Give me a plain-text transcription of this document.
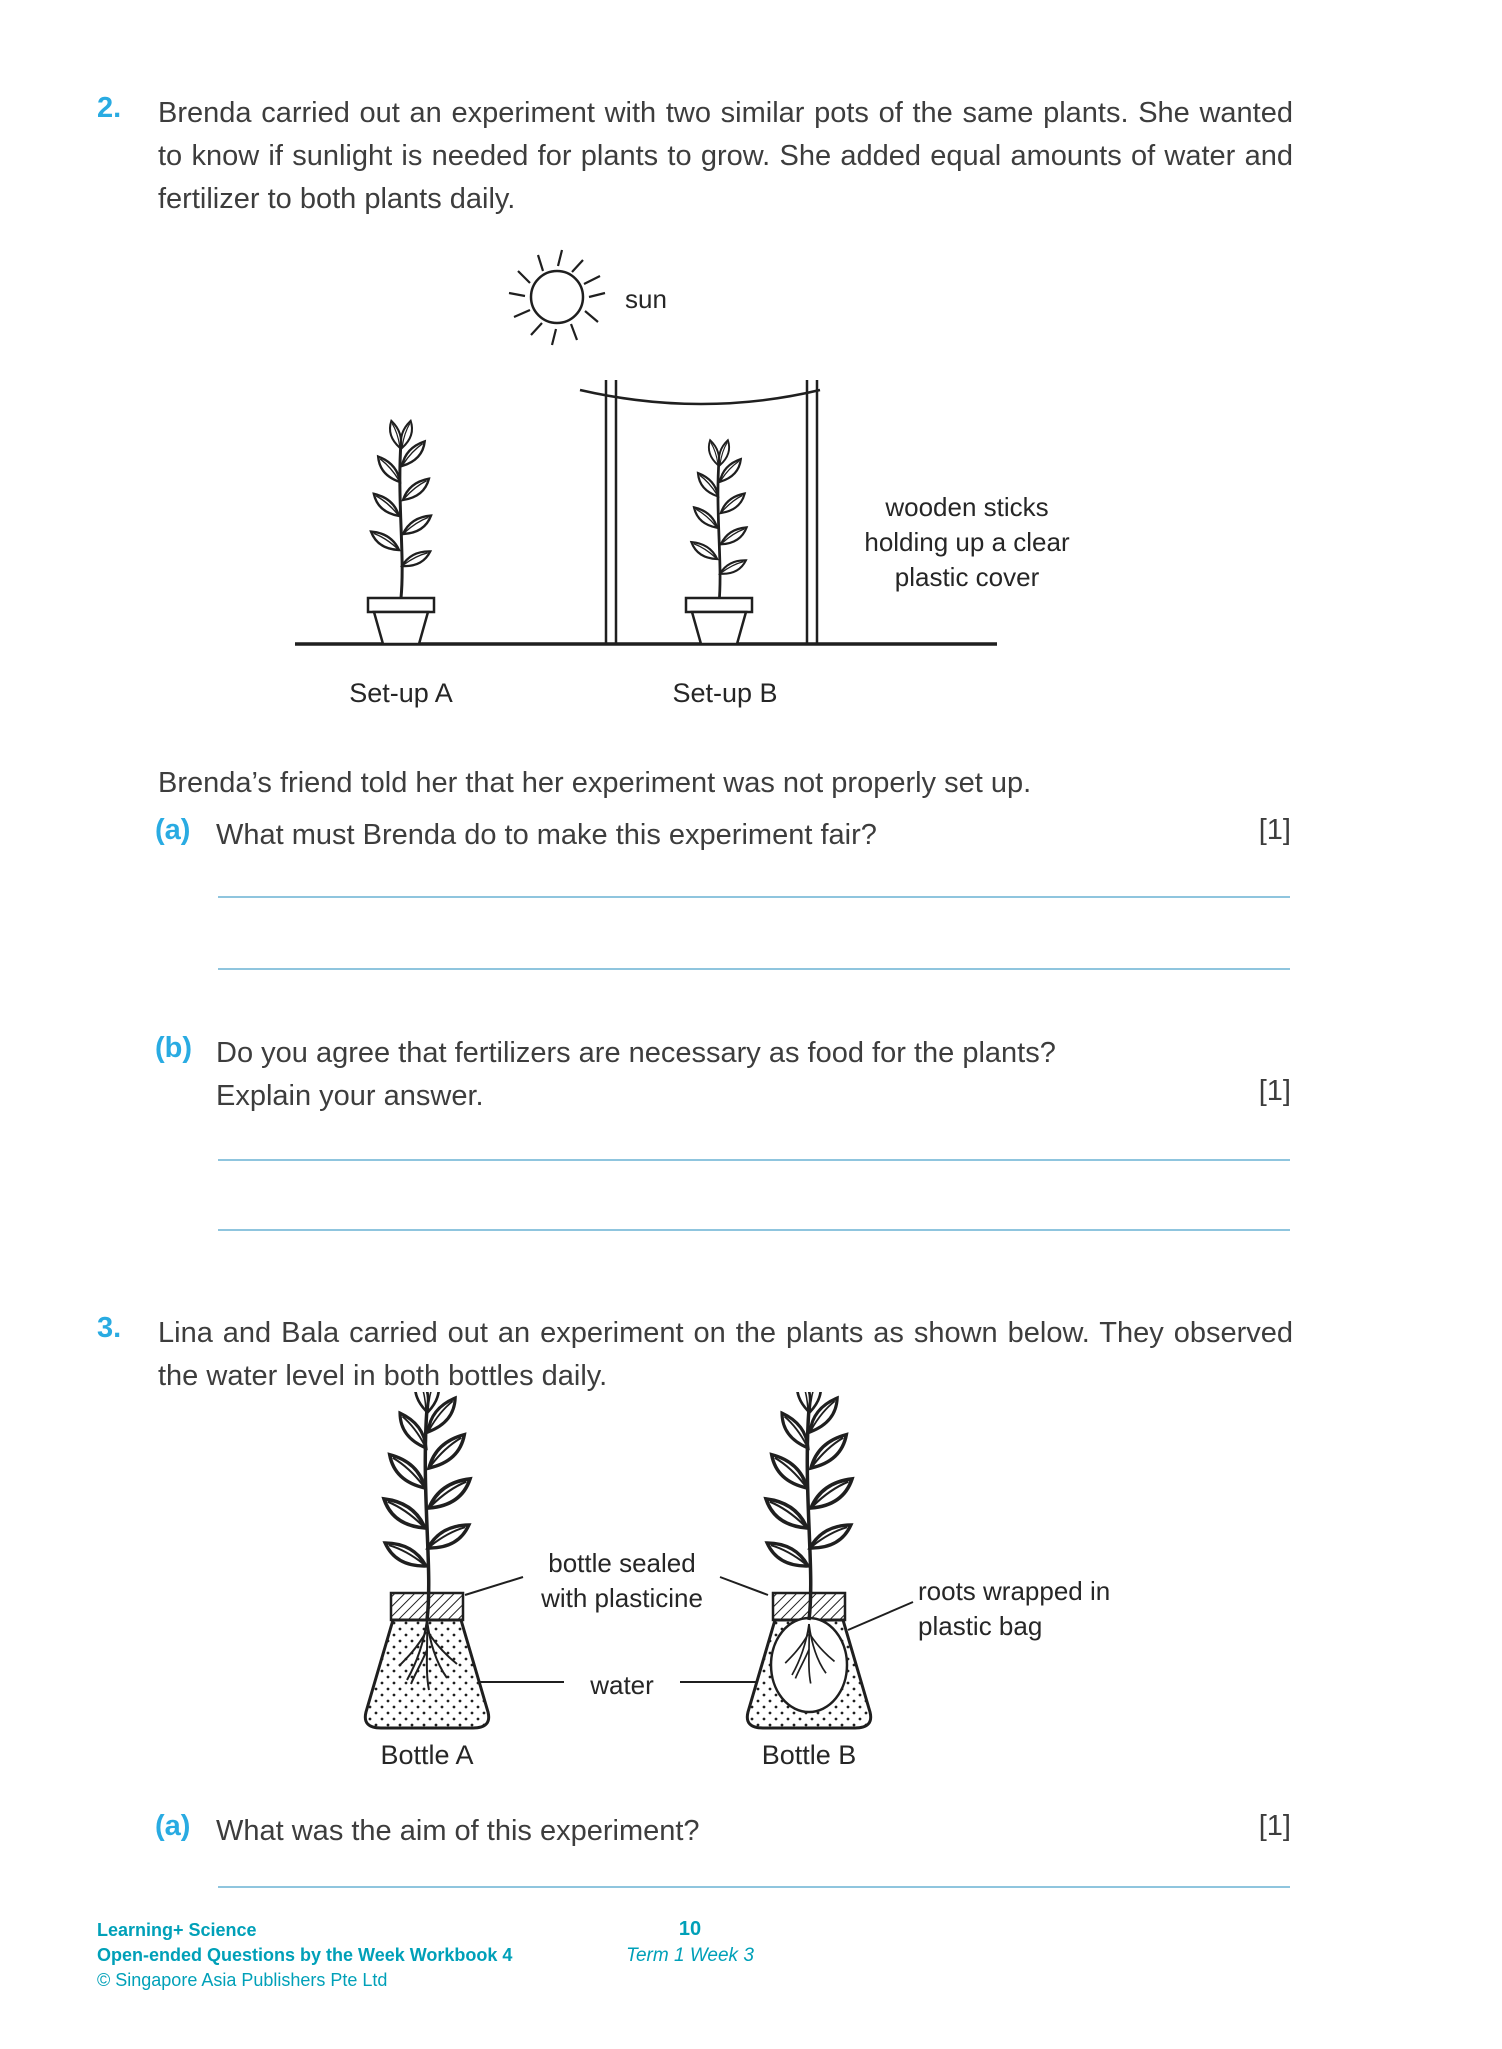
2. Brenda carried out an experiment with two similar pots of the same plants. She wanted to know if sunlight is needed for plants to grow. She added equal amounts of water and fertilizer to both plants daily.

sun
wooden sticks holding up a clear plastic cover
Set-up A	Set-up B

Brenda’s friend told her that her experiment was not properly set up.

(a) What must Brenda do to make this experiment fair?	[1]
(b) Do you agree that fertilizers are necessary as food for the plants?
Explain your answer.	[1]
3. Lina and Bala carried out an experiment on the plants as shown below. They observed the water level in both bottles daily.

bottle sealed with plasticine	roots wrapped in plastic bag
water
Bottle A	Bottle B
(a) What was the aim of this experiment?	[1]
Learning+ Science
Open-ended Questions by the Week Workbook 4
© Singapore Asia Publishers Pte Ltd
10
Term 1 Week 3
